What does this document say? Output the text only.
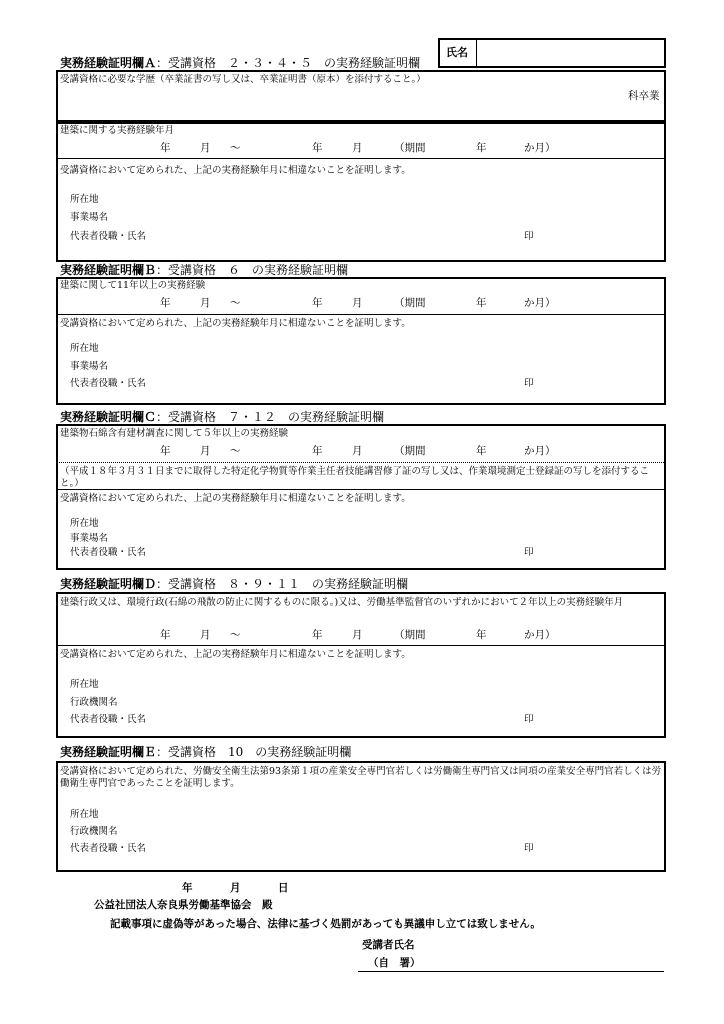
氏名
実務経験証明欄Ａ：受講資格　２・３・４・５　の実務経験証明欄
受講資格に必要な学歴（卒業証書の写し又は、卒業証明書（原本）を添付すること。）
科卒業
建築に関する実務経験年月
年	月 ～	年	月	（期間	年	か月）
受講資格において定められた、上記の実務経験年月に相違ないことを証明します。
所在地
事業場名
代表者役職・氏名	印
実務経験証明欄Ｂ：受講資格　６　の実務経験証明欄
建築に関して11年以上の実務経験
年	月 ～	年	月	（期間	年	か月）
受講資格において定められた、上記の実務経験年月に相違ないことを証明します。
所在地
事業場名
代表者役職・氏名	印
実務経験証明欄Ｃ：受講資格　７・１２　の実務経験証明欄
建築物石綿含有建材調査に関して５年以上の実務経験
年	月 ～	年	月	（期間	年	か月）
（平成１８年３月３１日までに取得した特定化学物質等作業主任者技能講習修了証の写し又は、作業環境測定士登録証の写しを添付すること。）
受講資格において定められた、上記の実務経験年月に相違ないことを証明します。
所在地
事業場名
代表者役職・氏名	印
実務経験証明欄Ｄ：受講資格　８・９・１１　の実務経験証明欄
建築行政又は、環境行政(石綿の飛散の防止に関するものに限る。)又は、労働基準監督官のいずれかにおいて２年以上の実務経験年月
年	月 ～	年	月	（期間	年	か月）
受講資格において定められた、上記の実務経験年月に相違ないことを証明します。
所在地
行政機関名
代表者役職・氏名	印
実務経験証明欄Ｅ：受講資格　10　の実務経験証明欄
受講資格において定められた、労働安全衛生法第93条第１項の産業安全専門官若しくは労働衛生専門官又は同項の産業安全専門官若しくは労働衛生専門官であったことを証明します。
所在地
行政機関名
代表者役職・氏名	印
年	月	日
公益社団法人奈良県労働基準協会　殿
記載事項に虚偽等があった場合、法律に基づく処罰があっても異議申し立ては致しません。
受講者氏名
（自　署）
